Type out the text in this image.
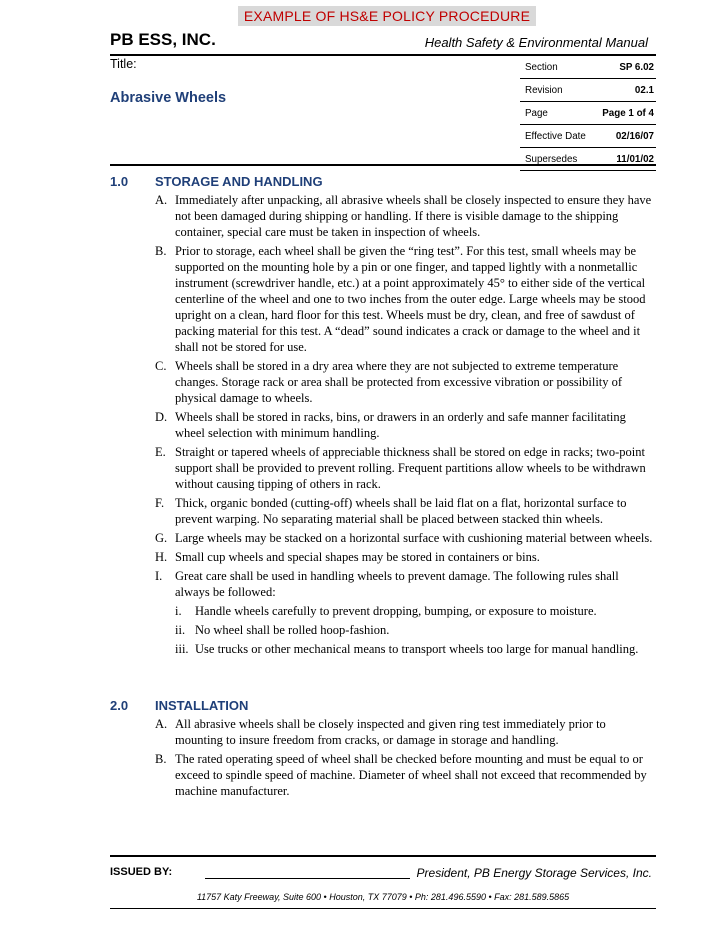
EXAMPLE OF HS&E POLICY PROCEDURE
PB ESS, INC.	Health Safety & Environmental Manual
Title:
Abrasive Wheels
Section	SP 6.02
Revision	02.1
Page	Page 1 of 4
Effective Date	02/16/07
Supersedes	11/01/02
1.0	STORAGE AND HANDLING
A. Immediately after unpacking, all abrasive wheels shall be closely inspected to ensure they have not been damaged during shipping or handling. If there is visible damage to the shipping container, special care must be taken in inspection of wheels.
B. Prior to storage, each wheel shall be given the “ring test”. For this test, small wheels may be supported on the mounting hole by a pin or one finger, and tapped lightly with a nonmetallic instrument (screwdriver handle, etc.) at a point approximately 45° to either side of the vertical centerline of the wheel and one to two inches from the outer edge. Large wheels may be stood upright on a clean, hard floor for this test. Wheels must be dry, clean, and free of sawdust of packing material for this test. A “dead” sound indicates a crack or damage to the wheel and it shall not be stored for use.
C. Wheels shall be stored in a dry area where they are not subjected to extreme temperature changes. Storage rack or area shall be protected from excessive vibration or possibility of physical damage to wheels.
D. Wheels shall be stored in racks, bins, or drawers in an orderly and safe manner facilitating wheel selection with minimum handling.
E. Straight or tapered wheels of appreciable thickness shall be stored on edge in racks; two-point support shall be provided to prevent rolling. Frequent partitions allow wheels to be withdrawn without causing tipping of others in rack.
F. Thick, organic bonded (cutting-off) wheels shall be laid flat on a flat, horizontal surface to prevent warping. No separating material shall be placed between stacked thin wheels.
G. Large wheels may be stacked on a horizontal surface with cushioning material between wheels.
H. Small cup wheels and special shapes may be stored in containers or bins.
I. Great care shall be used in handling wheels to prevent damage. The following rules shall always be followed:
i. Handle wheels carefully to prevent dropping, bumping, or exposure to moisture.
ii. No wheel shall be rolled hoop-fashion.
iii. Use trucks or other mechanical means to transport wheels too large for manual handling.
2.0	INSTALLATION
A. All abrasive wheels shall be closely inspected and given ring test immediately prior to mounting to insure freedom from cracks, or damage in storage and handling.
B. The rated operating speed of wheel shall be checked before mounting and must be equal to or exceed to spindle speed of machine. Diameter of wheel shall not exceed that recommended by machine manufacturer.
ISSUED BY:	President, PB Energy Storage Services, Inc.
11757 Katy Freeway, Suite 600 • Houston, TX 77079 • Ph: 281.496.5590 • Fax: 281.589.5865
